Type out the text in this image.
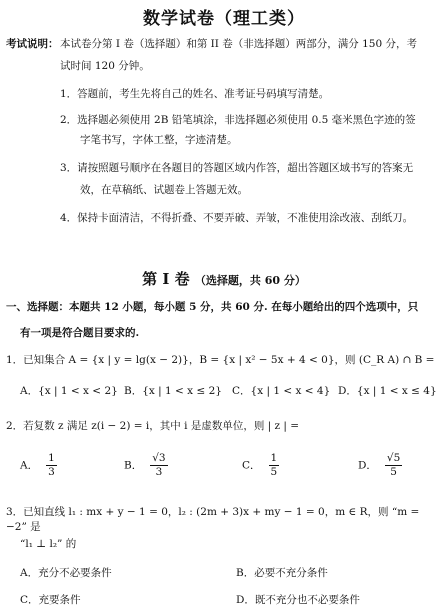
数学试卷（理工类）
考试说明： 本试卷分第 I 卷（选择题）和第 II 卷（非选择题）两部分，满分 150 分，考
试时间 120 分钟。
1．答题前，考生先将自己的姓名、准考证号码填写清楚。
2．选择题必须使用 2B 铅笔填涂，非选择题必须使用 0.5 毫米黑色字迹的签
字笔书写，字体工整，字迹清楚。
3．请按照题号顺序在各题目的答题区域内作答，超出答题区域书写的答案无
效，在草稿纸、试题卷上答题无效。
4．保持卡面清洁，不得折叠、不要弄破、弄皱，不准使用涂改液、刮纸刀。
第 I 卷 （选择题，共 60 分）
一、选择题：本题共 12 小题，每小题 5 分，共 60 分. 在每小题给出的四个选项中，只
有一项是符合题目要求的.
1．已知集合 A = {x | y = lg(x − 2)}，B = {x | x² − 5x + 4 < 0}，则 (C_R A) ∩ B =
A．{x | 1 < x < 2} B．{x | 1 < x ≤ 2} C．{x | 1 < x < 4} D．{x | 1 < x ≤ 4}
2．若复数 z 满足 z(i − 2) = i，其中 i 是虚数单位，则 | z | =
A． $\frac{1}{3}$	B． $\frac{√3}{3}$	C． $\frac{1}{5}$	D． $\frac{√5}{5}$
3．已知直线 l₁ : mx + y − 1 = 0，l₂ : (2m + 3)x + my − 1 = 0，m ∈ R，则 “m = −2” 是
“l₁ ⊥ l₂” 的
A．充分不必要条件	B．必要不充分条件
C．充要条件	D．既不充分也不必要条件
